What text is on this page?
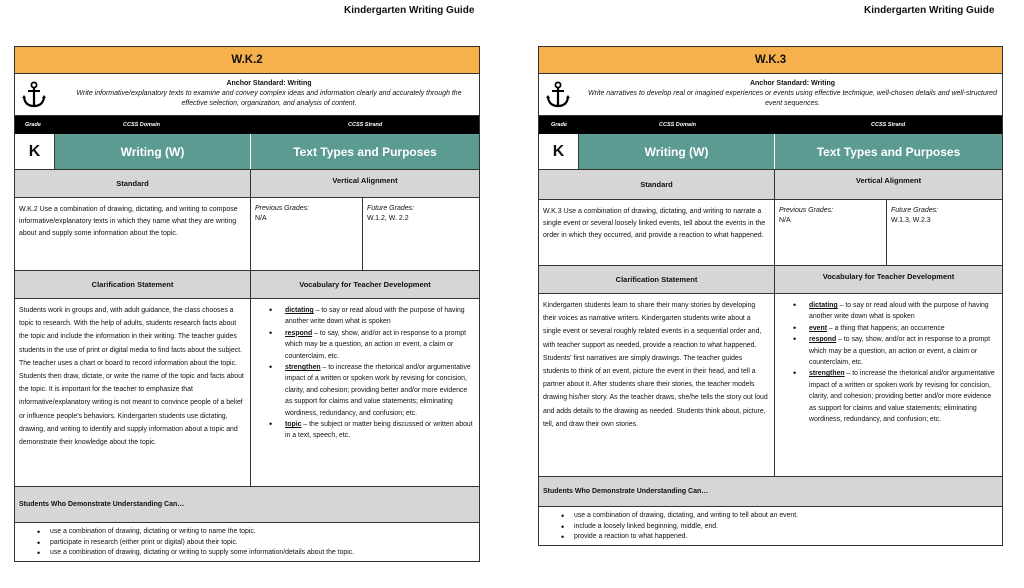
Kindergarten Writing Guide
W.K.2
Anchor Standard: Writing
Write informative/explanatory texts to examine and convey complex ideas and information clearly and accurately through the effective selection, organization, and analysis of content.
Grade	CCSS Domain	CCSS Strand
K	Writing (W)	Text Types and Purposes
Standard	Vertical Alignment
W.K.2 Use a combination of drawing, dictating, and writing to compose informative/explanatory texts in which they name what they are writing about and supply some information about the topic.
Previous Grades:
N/A
Future Grades:
W.1.2, W. 2.2
Clarification Statement	Vocabulary for Teacher Development
Students work in groups and, with adult guidance, the class chooses a topic to research. With the help of adults, students research facts about the topic and include the information in their writing. The teacher guides students in the use of print or digital media to find facts about the subject. The teacher uses a chart or board to record information about the topic. Students then draw, dictate, or write the name of the topic and facts about the topic. It is important for the teacher to emphasize that informative/explanatory writing is not meant to convince people of a belief or influence people's behaviors. Kindergarten students use dictating, drawing, and writing to identify and supply information about a topic and demonstrate their knowledge about the topic.
• dictating – to say or read aloud with the purpose of having another write down what is spoken
• respond – to say, show, and/or act in response to a prompt which may be a question, an action or event, a claim or counterclaim, etc.
• strengthen – to increase the rhetorical and/or argumentative impact of a written or spoken work by revising for concision, clarity, and cohesion; providing better and/or more evidence as support for claims and value statements; eliminating wordiness, redundancy, and confusion; etc.
• topic – the subject or matter being discussed or written about in a text, speech, etc.
Students Who Demonstrate Understanding Can…
• use a combination of drawing, dictating or writing to name the topic.
• participate in research (either print or digital) about their topic.
• use a combination of drawing, dictating or writing to supply some information/details about the topic.
Kindergarten Writing Guide
W.K.3
Anchor Standard: Writing
Write narratives to develop real or imagined experiences or events using effective technique, well-chosen details and well-structured event sequences.
Grade	CCSS Domain	CCSS Strand
K	Writing (W)	Text Types and Purposes
Standard	Vertical Alignment
W.K.3 Use a combination of drawing, dictating, and writing to narrate a single event or several loosely linked events, tell about the events in the order in which they occurred, and provide a reaction to what happened.
Previous Grades:
N/A
Future Grades:
W.1.3, W.2.3
Clarification Statement	Vocabulary for Teacher Development
Kindergarten students learn to share their many stories by developing their voices as narrative writers. Kindergarten students write about a single event or several roughly related events in a sequential order and, with teacher support as needed, provide a reaction to what happened. Students' first narratives are simply drawings. The teacher guides students to think of an event, picture the event in their head, and tell a partner about it. After students share their stories, the teacher models drawing his/her story. As the teacher draws, she/he tells the story out loud and adds details to the drawing as needed. Students think about, picture, tell, and draw their own stories.
• dictating – to say or read aloud with the purpose of having another write down what is spoken
• event – a thing that happens; an occurrence
• respond – to say, show, and/or act in response to a prompt which may be a question, an action or event, a claim or counterclaim, etc.
• strengthen – to increase the rhetorical and/or argumentative impact of a written or spoken work by revising for concision, clarity, and cohesion; providing better and/or more evidence as support for claims and value statements; eliminating wordiness, redundancy, and confusion; etc.
Students Who Demonstrate Understanding Can…
• use a combination of drawing, dictating, and writing to tell about an event.
• include a loosely linked beginning, middle, end.
• provide a reaction to what happened.
